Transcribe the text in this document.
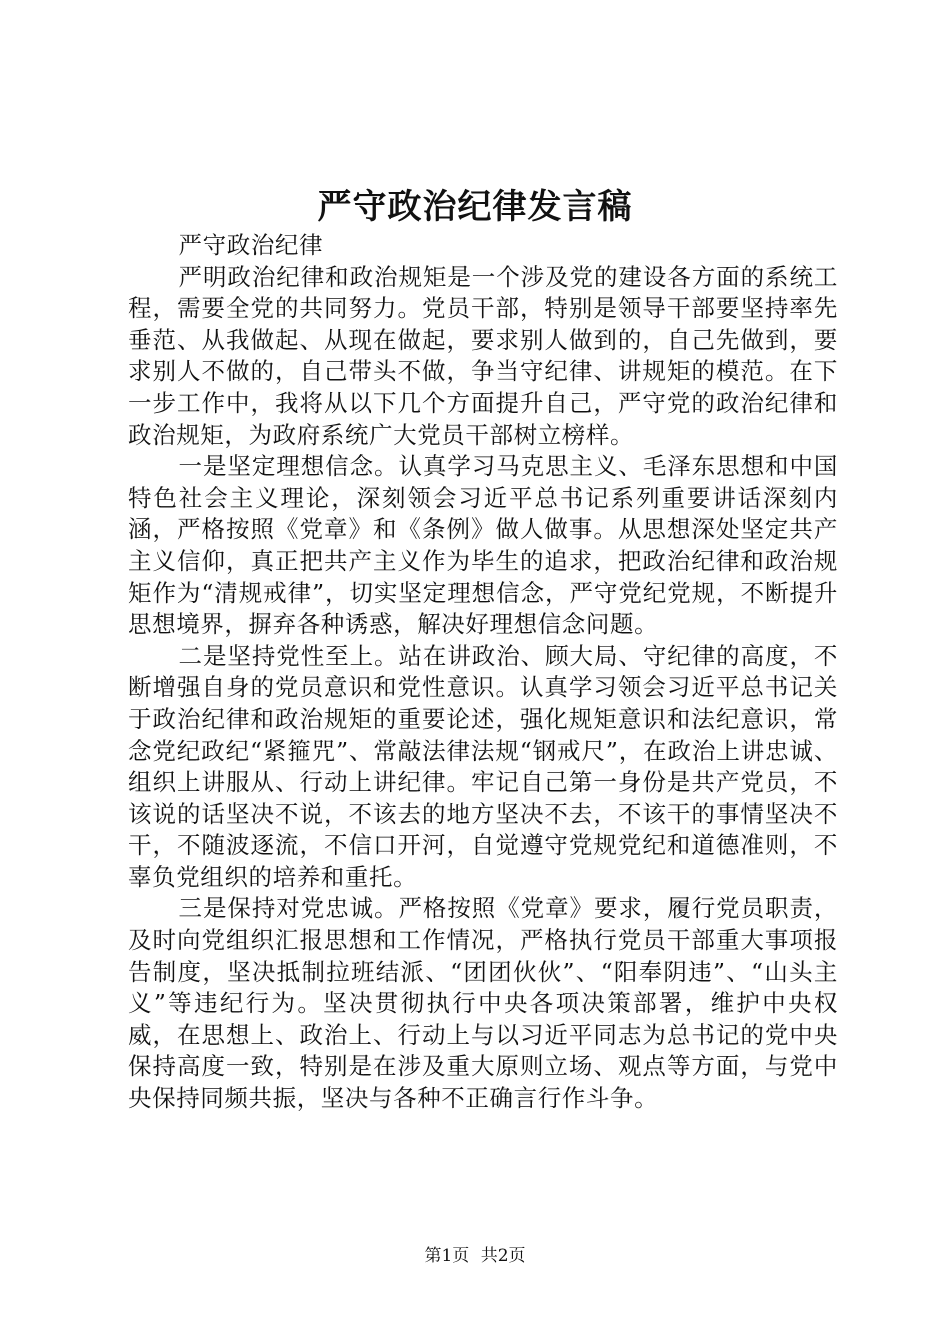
严守政治纪律发言稿

严守政治纪律

严明政治纪律和政治规矩是一个涉及党的建设各方面的系统工程，需要全党的共同努力。党员干部，特别是领导干部要坚持率先垂范、从我做起、从现在做起，要求别人做到的，自己先做到，要求别人不做的，自己带头不做，争当守纪律、讲规矩的模范。在下一步工作中，我将从以下几个方面提升自己，严守党的政治纪律和政治规矩，为政府系统广大党员干部树立榜样。

一是坚定理想信念。认真学习马克思主义、毛泽东思想和中国特色社会主义理论，深刻领会习近平总书记系列重要讲话深刻内涵，严格按照《党章》和《条例》做人做事。从思想深处坚定共产主义信仰，真正把共产主义作为毕生的追求，把政治纪律和政治规矩作为“清规戒律”，切实坚定理想信念，严守党纪党规，不断提升思想境界，摒弃各种诱惑，解决好理想信念问题。

二是坚持党性至上。站在讲政治、顾大局、守纪律的高度，不断增强自身的党员意识和党性意识。认真学习领会习近平总书记关于政治纪律和政治规矩的重要论述，强化规矩意识和法纪意识，常念党纪政纪“紧箍咒”、常敲法律法规“钢戒尺”，在政治上讲忠诚、组织上讲服从、行动上讲纪律。牢记自己第一身份是共产党员，不该说的话坚决不说，不该去的地方坚决不去，不该干的事情坚决不干，不随波逐流，不信口开河，自觉遵守党规党纪和道德准则，不辜负党组织的培养和重托。

三是保持对党忠诚。严格按照《党章》要求，履行党员职责，及时向党组织汇报思想和工作情况，严格执行党员干部重大事项报告制度，坚决抵制拉班结派、“团团伙伙”、“阳奉阴违”、“山头主义”等违纪行为。坚决贯彻执行中央各项决策部署，维护中央权威，在思想上、政治上、行动上与以习近平同志为总书记的党中央保持高度一致，特别是在涉及重大原则立场、观点等方面，与党中央保持同频共振，坚决与各种不正确言行作斗争。

第1页 共2页
